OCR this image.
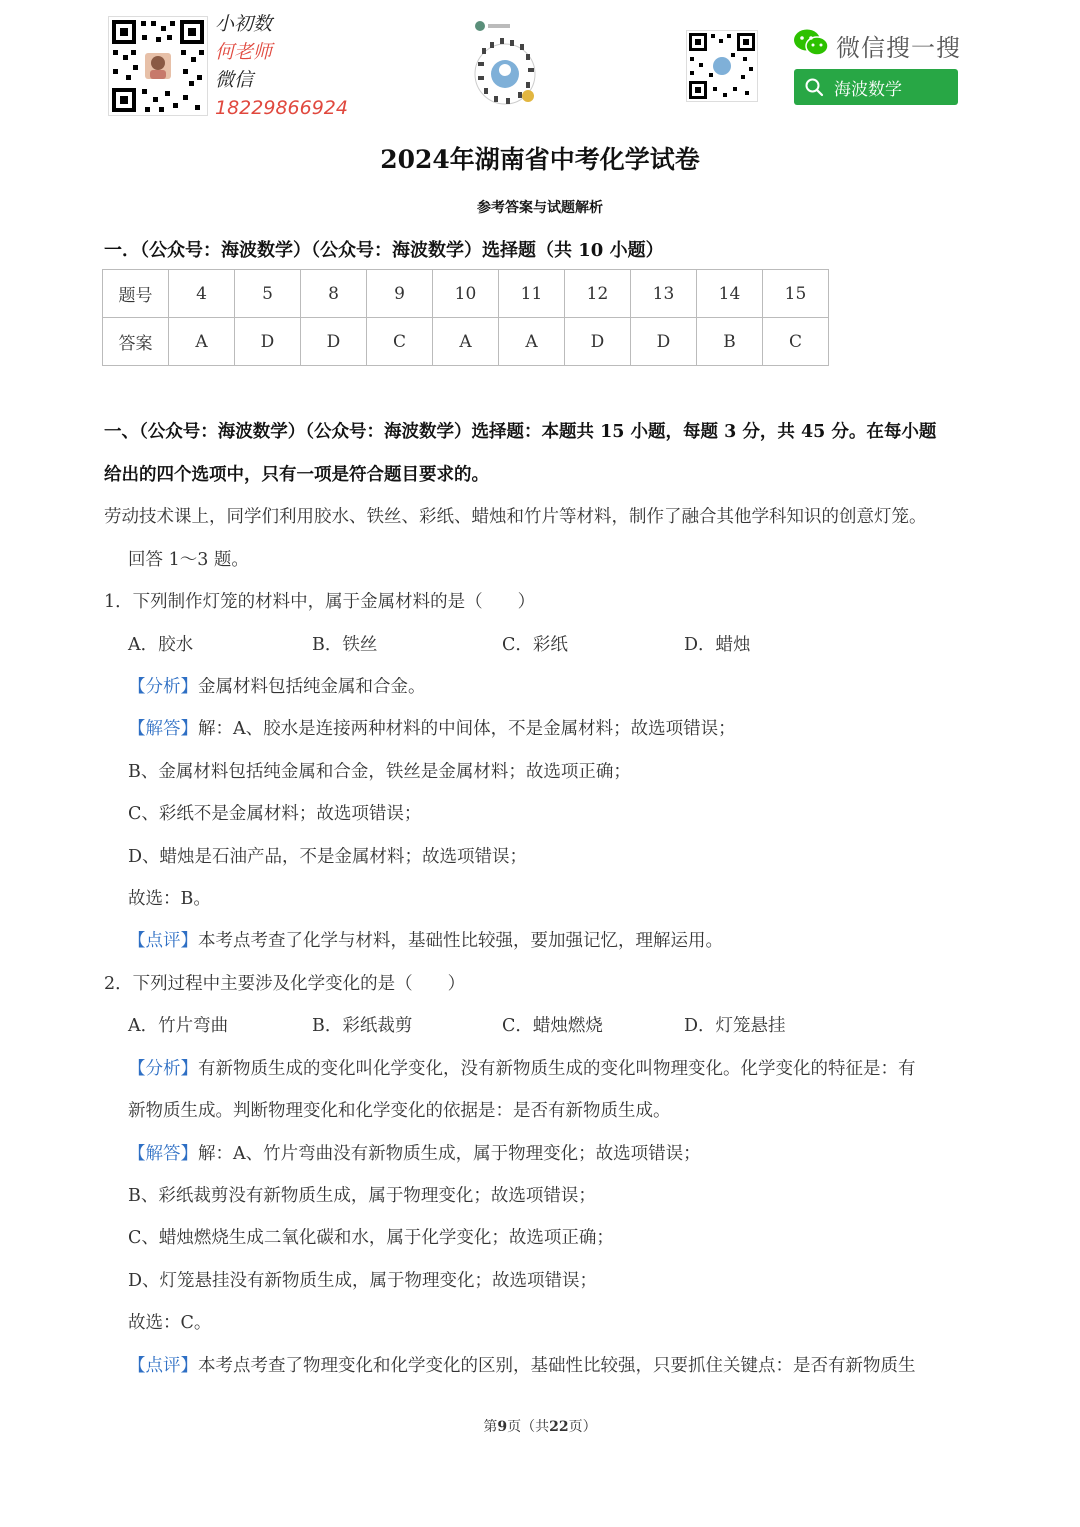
小初数
何老师
微信
18229866924
微信搜一搜
海波数学
2024年湖南省中考化学试卷
参考答案与试题解析
一．（公众号：海波数学）（公众号：海波数学）选择题（共 10 小题）
题号	4	5	8	9	10	11	12	13	14	15
答案	A	D	D	C	A	A	D	D	B	C
一、（公众号：海波数学）（公众号：海波数学）选择题：本题共 15 小题，每题 3 分，共 45 分。在每小题
给出的四个选项中，只有一项是符合题目要求的。
劳动技术课上，同学们利用胶水、铁丝、彩纸、蜡烛和竹片等材料，制作了融合其他学科知识的创意灯笼。
回答 1～3 题。
1．下列制作灯笼的材料中，属于金属材料的是（　　）
A．胶水	B．铁丝	C．彩纸	D．蜡烛
【分析】金属材料包括纯金属和合金。
【解答】解：A、胶水是连接两种材料的中间体，不是金属材料；故选项错误；
B、金属材料包括纯金属和合金，铁丝是金属材料；故选项正确；
C、彩纸不是金属材料；故选项错误；
D、蜡烛是石油产品，不是金属材料；故选项错误；
故选：B。
【点评】本考点考查了化学与材料，基础性比较强，要加强记忆，理解运用。
2．下列过程中主要涉及化学变化的是（　　）
A．竹片弯曲	B．彩纸裁剪	C．蜡烛燃烧	D．灯笼悬挂
【分析】有新物质生成的变化叫化学变化，没有新物质生成的变化叫物理变化。化学变化的特征是：有
新物质生成。判断物理变化和化学变化的依据是：是否有新物质生成。
【解答】解：A、竹片弯曲没有新物质生成，属于物理变化；故选项错误；
B、彩纸裁剪没有新物质生成，属于物理变化；故选项错误；
C、蜡烛燃烧生成二氧化碳和水，属于化学变化；故选项正确；
D、灯笼悬挂没有新物质生成，属于物理变化；故选项错误；
故选：C。
【点评】本考点考查了物理变化和化学变化的区别，基础性比较强，只要抓住关键点：是否有新物质生
第9页（共22页）
